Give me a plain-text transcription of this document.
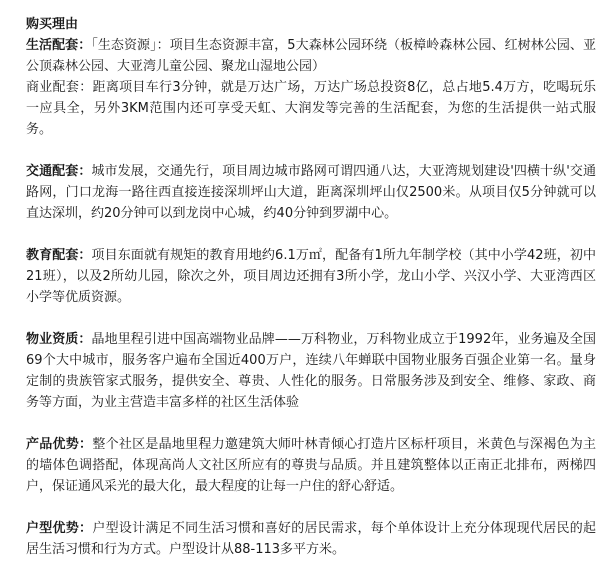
购买理由

生活配套：「生态资源」：项目生态资源丰富，5大森林公园环绕（板樟岭森林公园、红树林公园、亚公顶森林公园、大亚湾儿童公园、聚龙山湿地公园）

商业配套：距离项目车行3分钟，就是万达广场，万达广场总投资8亿，总占地5.4万方，吃喝玩乐一应具全，另外3KM范围内还可享受天虹、大润发等完善的生活配套，为您的生活提供一站式服务。

交通配套：城市发展，交通先行，项目周边城市路网可谓四通八达，大亚湾规划建设'四横十纵'交通路网，门口龙海一路往西直接连接深圳坪山大道，距离深圳坪山仅2500米。从项目仅5分钟就可以直达深圳，约20分钟可以到龙岗中心城，约40分钟到罗湖中心。

教育配套：项目东面就有规矩的教育用地约6.1万㎡，配备有1所九年制学校（其中小学42班，初中21班），以及2所幼儿园，除次之外，项目周边还拥有3所小学，龙山小学、兴汉小学、大亚湾西区小学等优质资源。

物业资质：晶地里程引进中国高端物业品牌——万科物业，万科物业成立于1992年，业务遍及全国69个大中城市，服务客户遍布全国近400万户，连续八年蝉联中国物业服务百强企业第一名。量身定制的贵族管家式服务，提供安全、尊贵、人性化的服务。日常服务涉及到安全、维修、家政、商务等方面，为业主营造丰富多样的社区生活体验

产品优势：整个社区是晶地里程力邀建筑大师叶林青倾心打造片区标杆项目，米黄色与深褐色为主的墙体色调搭配，体现高尚人文社区所应有的尊贵与品质。并且建筑整体以正南正北排布，两梯四户，保证通风采光的最大化，最大程度的让每一户住的舒心舒适。

户型优势：户型设计满足不同生活习惯和喜好的居民需求，每个单体设计上充分体现现代居民的起居生活习惯和行为方式。户型设计从88-113多平方米。
